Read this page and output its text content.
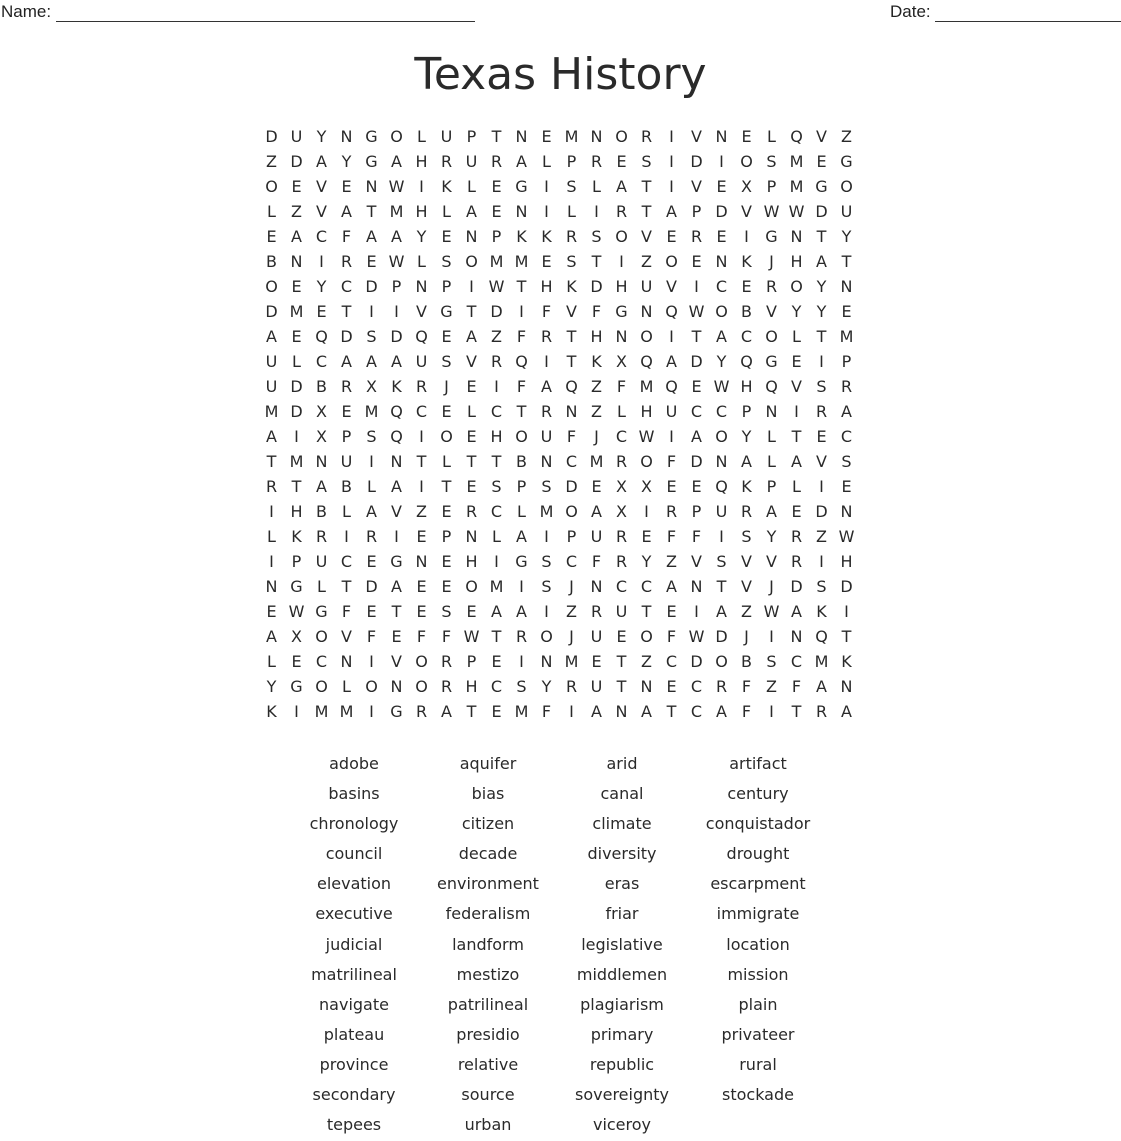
Name:	Date:
Texas History
D U Y N G O L U P T N E M N O R	I	V N E L Q V Z
Z D A Y G A H R U R A L P R E S	I	D	I	O S M E G
O E V E N W I	K L E G	I	S L A T	I	V E X P M G O
L Z V A T M H L A E N	I	L	I	R T A P D V W W D U
E A C F A A Y E N P K K R S O V E R E	I	G N T Y
B N	I	R E W L S O M M E S T	I	Z O E N K	J	H A T
O E Y C D P N P	I W T H K D H U V	I	C E R O Y N
D M E T	I	I	V G T D	I	F V F G N Q W O B V Y Y E
A E Q D S D Q E A Z F R T H N O	I	T A C O L T M
U L C A A A U S V R Q	I	T K X Q A D Y Q G E	I	P
U D B R X K R	J	E	I	F A Q Z F M Q E W H Q V S R
M D X E M Q C E L C T R N Z L H U C C P N	I	R A
A	I	X P S Q	I	O E H O U F	J	C W I	A O Y L T E C
T M N U	I	N T L T T B N C M R O F D N A L A V S
R T A B L A	I	T E S P S D E X X E E Q K P L	I	E
I	H B L A V Z E R C L M O A X	I	R P U R A E D N
L K R	I	R	I	E P N L A	I	P U R E F F	I	S Y R Z W
I	P U C E G N E H	I	G S C F R Y Z V S V V R	I	H
N G L T D A E E O M I	S	J	N C C A N T V	J	D S D
E W G F E T E S E A A	I	Z R U T E	I	A Z W A K	I
A X O V F E F F W T R O	J	U E O F W D	J	I	N Q T
L E C N	I	V O R P E	I	N M E T Z C D O B S C M K
Y G O L O N O R H C S Y R U T N E C R F Z F A N
K	I M M I	G R A T E M F	I	A N A T C A F	I	T R A
adobe	aquifer	arid	artifact
basins	bias	canal	century
chronology	citizen	climate	conquistador
council	decade	diversity	drought
elevation	environment	eras	escarpment
executive	federalism	friar	immigrate
judicial	landform	legislative	location
matrilineal	mestizo	middlemen	mission
navigate	patrilineal	plagiarism	plain
plateau	presidio	primary	privateer
province	relative	republic	rural
secondary	source	sovereignty	stockade
tepees	urban	viceroy
